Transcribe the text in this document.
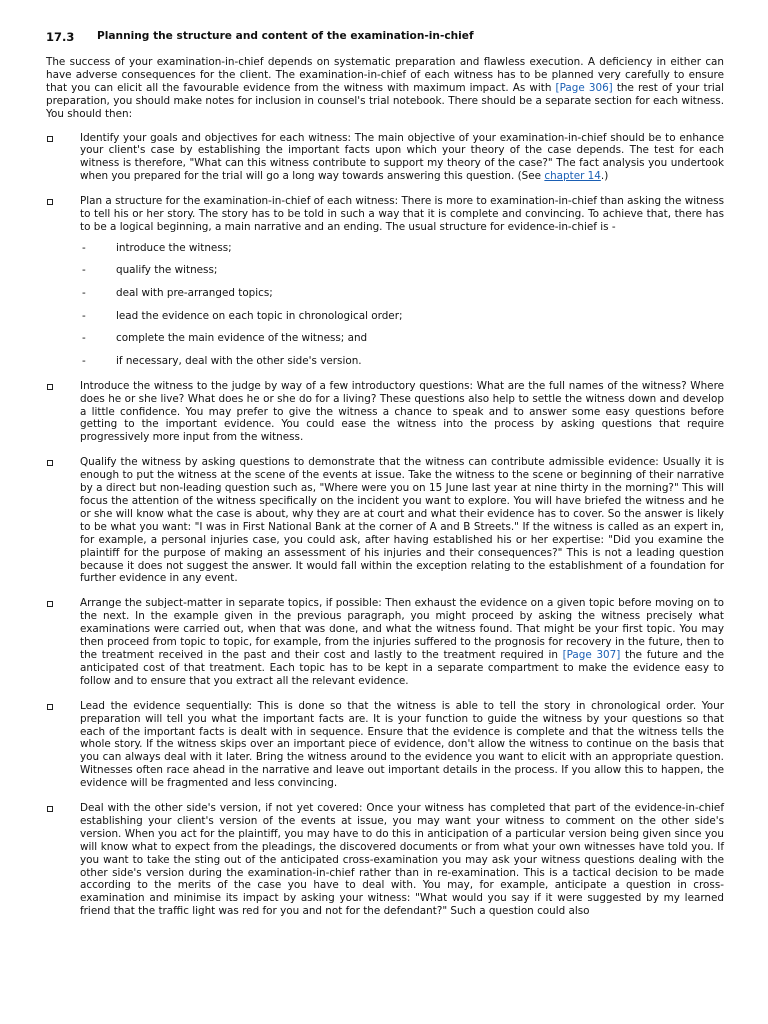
17.3	Planning the structure and content of the examination-in-chief

The success of your examination-in-chief depends on systematic preparation and flawless execution. A deficiency in either can have adverse consequences for the client. The examination-in-chief of each witness has to be planned very carefully to ensure that you can elicit all the favourable evidence from the witness with maximum impact. As with [Page 306] the rest of your trial preparation, you should make notes for inclusion in counsel's trial notebook. There should be a separate section for each witness. You should then:

Identify your goals and objectives for each witness: The main objective of your examination-in-chief should be to enhance your client's case by establishing the important facts upon which your theory of the case depends. The test for each witness is therefore, "What can this witness contribute to support my theory of the case?" The fact analysis you undertook when you prepared for the trial will go a long way towards answering this question. (See chapter 14.)
Plan a structure for the examination-in-chief of each witness: There is more to examination-in-chief than asking the witness to tell his or her story. The story has to be told in such a way that it is complete and convincing. To achieve that, there has to be a logical beginning, a main narrative and an ending. The usual structure for evidence-in-chief is -
-	introduce the witness;
-	qualify the witness;
-	deal with pre-arranged topics;
-	lead the evidence on each topic in chronological order;
-	complete the main evidence of the witness; and
-	if necessary, deal with the other side's version.
Introduce the witness to the judge by way of a few introductory questions: What are the full names of the witness? Where does he or she live? What does he or she do for a living? These questions also help to settle the witness down and develop a little confidence. You may prefer to give the witness a chance to speak and to answer some easy questions before getting to the important evidence. You could ease the witness into the process by asking questions that require progressively more input from the witness.
Qualify the witness by asking questions to demonstrate that the witness can contribute admissible evidence: Usually it is enough to put the witness at the scene of the events at issue. Take the witness to the scene or beginning of their narrative by a direct but non-leading question such as, "Where were you on 15 June last year at nine thirty in the morning?" This will focus the attention of the witness specifically on the incident you want to explore. You will have briefed the witness and he or she will know what the case is about, why they are at court and what their evidence has to cover. So the answer is likely to be what you want: "I was in First National Bank at the corner of A and B Streets." If the witness is called as an expert in, for example, a personal injuries case, you could ask, after having established his or her expertise: "Did you examine the plaintiff for the purpose of making an assessment of his injuries and their consequences?" This is not a leading question because it does not suggest the answer. It would fall within the exception relating to the establishment of a foundation for further evidence in any event.
Arrange the subject-matter in separate topics, if possible: Then exhaust the evidence on a given topic before moving on to the next. In the example given in the previous paragraph, you might proceed by asking the witness precisely what examinations were carried out, when that was done, and what the witness found. That might be your first topic. You may then proceed from topic to topic, for example, from the injuries suffered to the prognosis for recovery in the future, then to the treatment received in the past and their cost and lastly to the treatment required in [Page 307] the future and the anticipated cost of that treatment. Each topic has to be kept in a separate compartment to make the evidence easy to follow and to ensure that you extract all the relevant evidence.
Lead the evidence sequentially: This is done so that the witness is able to tell the story in chronological order. Your preparation will tell you what the important facts are. It is your function to guide the witness by your questions so that each of the important facts is dealt with in sequence. Ensure that the evidence is complete and that the witness tells the whole story. If the witness skips over an important piece of evidence, don't allow the witness to continue on the basis that you can always deal with it later. Bring the witness around to the evidence you want to elicit with an appropriate question. Witnesses often race ahead in the narrative and leave out important details in the process. If you allow this to happen, the evidence will be fragmented and less convincing.
Deal with the other side's version, if not yet covered: Once your witness has completed that part of the evidence-in-chief establishing your client's version of the events at issue, you may want your witness to comment on the other side's version. When you act for the plaintiff, you may have to do this in anticipation of a particular version being given since you will know what to expect from the pleadings, the discovered documents or from what your own witnesses have told you. If you want to take the sting out of the anticipated cross-examination you may ask your witness questions dealing with the other side's version during the examination-in-chief rather than in re-examination. This is a tactical decision to be made according to the merits of the case you have to deal with. You may, for example, anticipate a question in cross-examination and minimise its impact by asking your witness: "What would you say if it were suggested by my learned friend that the traffic light was red for you and not for the defendant?" Such a question could also
